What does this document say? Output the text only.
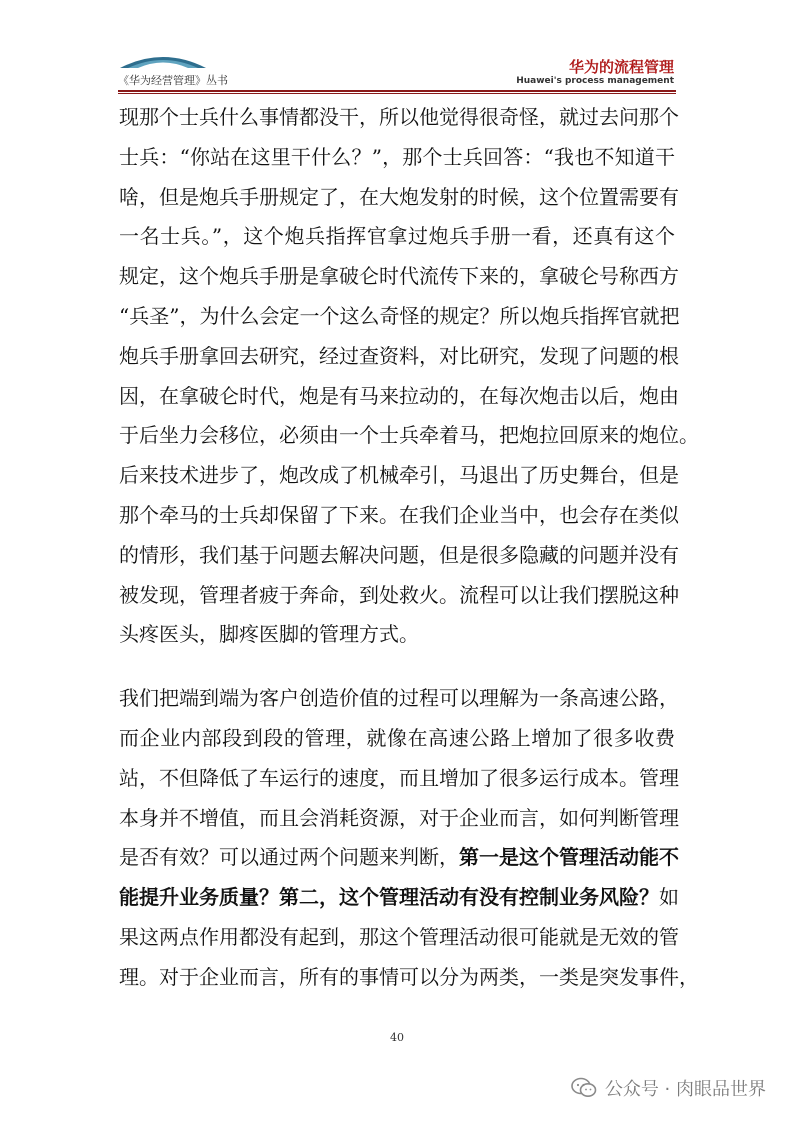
《华为经营管理》丛书
华为的流程管理
Huawei's process management
现那个士兵什么事情都没干，所以他觉得很奇怪，就过去问那个
士兵：“你站在这里干什么？”，那个士兵回答：“我也不知道干
啥，但是炮兵手册规定了，在大炮发射的时候，这个位置需要有
一名士兵。”，这个炮兵指挥官拿过炮兵手册一看，还真有这个
规定，这个炮兵手册是拿破仑时代流传下来的，拿破仑号称西方
“兵圣”，为什么会定一个这么奇怪的规定？所以炮兵指挥官就把
炮兵手册拿回去研究，经过查资料，对比研究，发现了问题的根
因，在拿破仑时代，炮是有马来拉动的，在每次炮击以后，炮由
于后坐力会移位，必须由一个士兵牵着马，把炮拉回原来的炮位。
后来技术进步了，炮改成了机械牵引，马退出了历史舞台，但是
那个牵马的士兵却保留了下来。在我们企业当中，也会存在类似
的情形，我们基于问题去解决问题，但是很多隐藏的问题并没有
被发现，管理者疲于奔命，到处救火。流程可以让我们摆脱这种
头疼医头，脚疼医脚的管理方式。
我们把端到端为客户创造价值的过程可以理解为一条高速公路，
而企业内部段到段的管理，就像在高速公路上增加了很多收费
站，不但降低了车运行的速度，而且增加了很多运行成本。管理
本身并不增值，而且会消耗资源，对于企业而言，如何判断管理
是否有效？可以通过两个问题来判断，第一是这个管理活动能不
能提升业务质量？第二，这个管理活动有没有控制业务风险？如
果这两点作用都没有起到，那这个管理活动很可能就是无效的管
理。对于企业而言，所有的事情可以分为两类，一类是突发事件，
40
公众号 · 肉眼品世界
